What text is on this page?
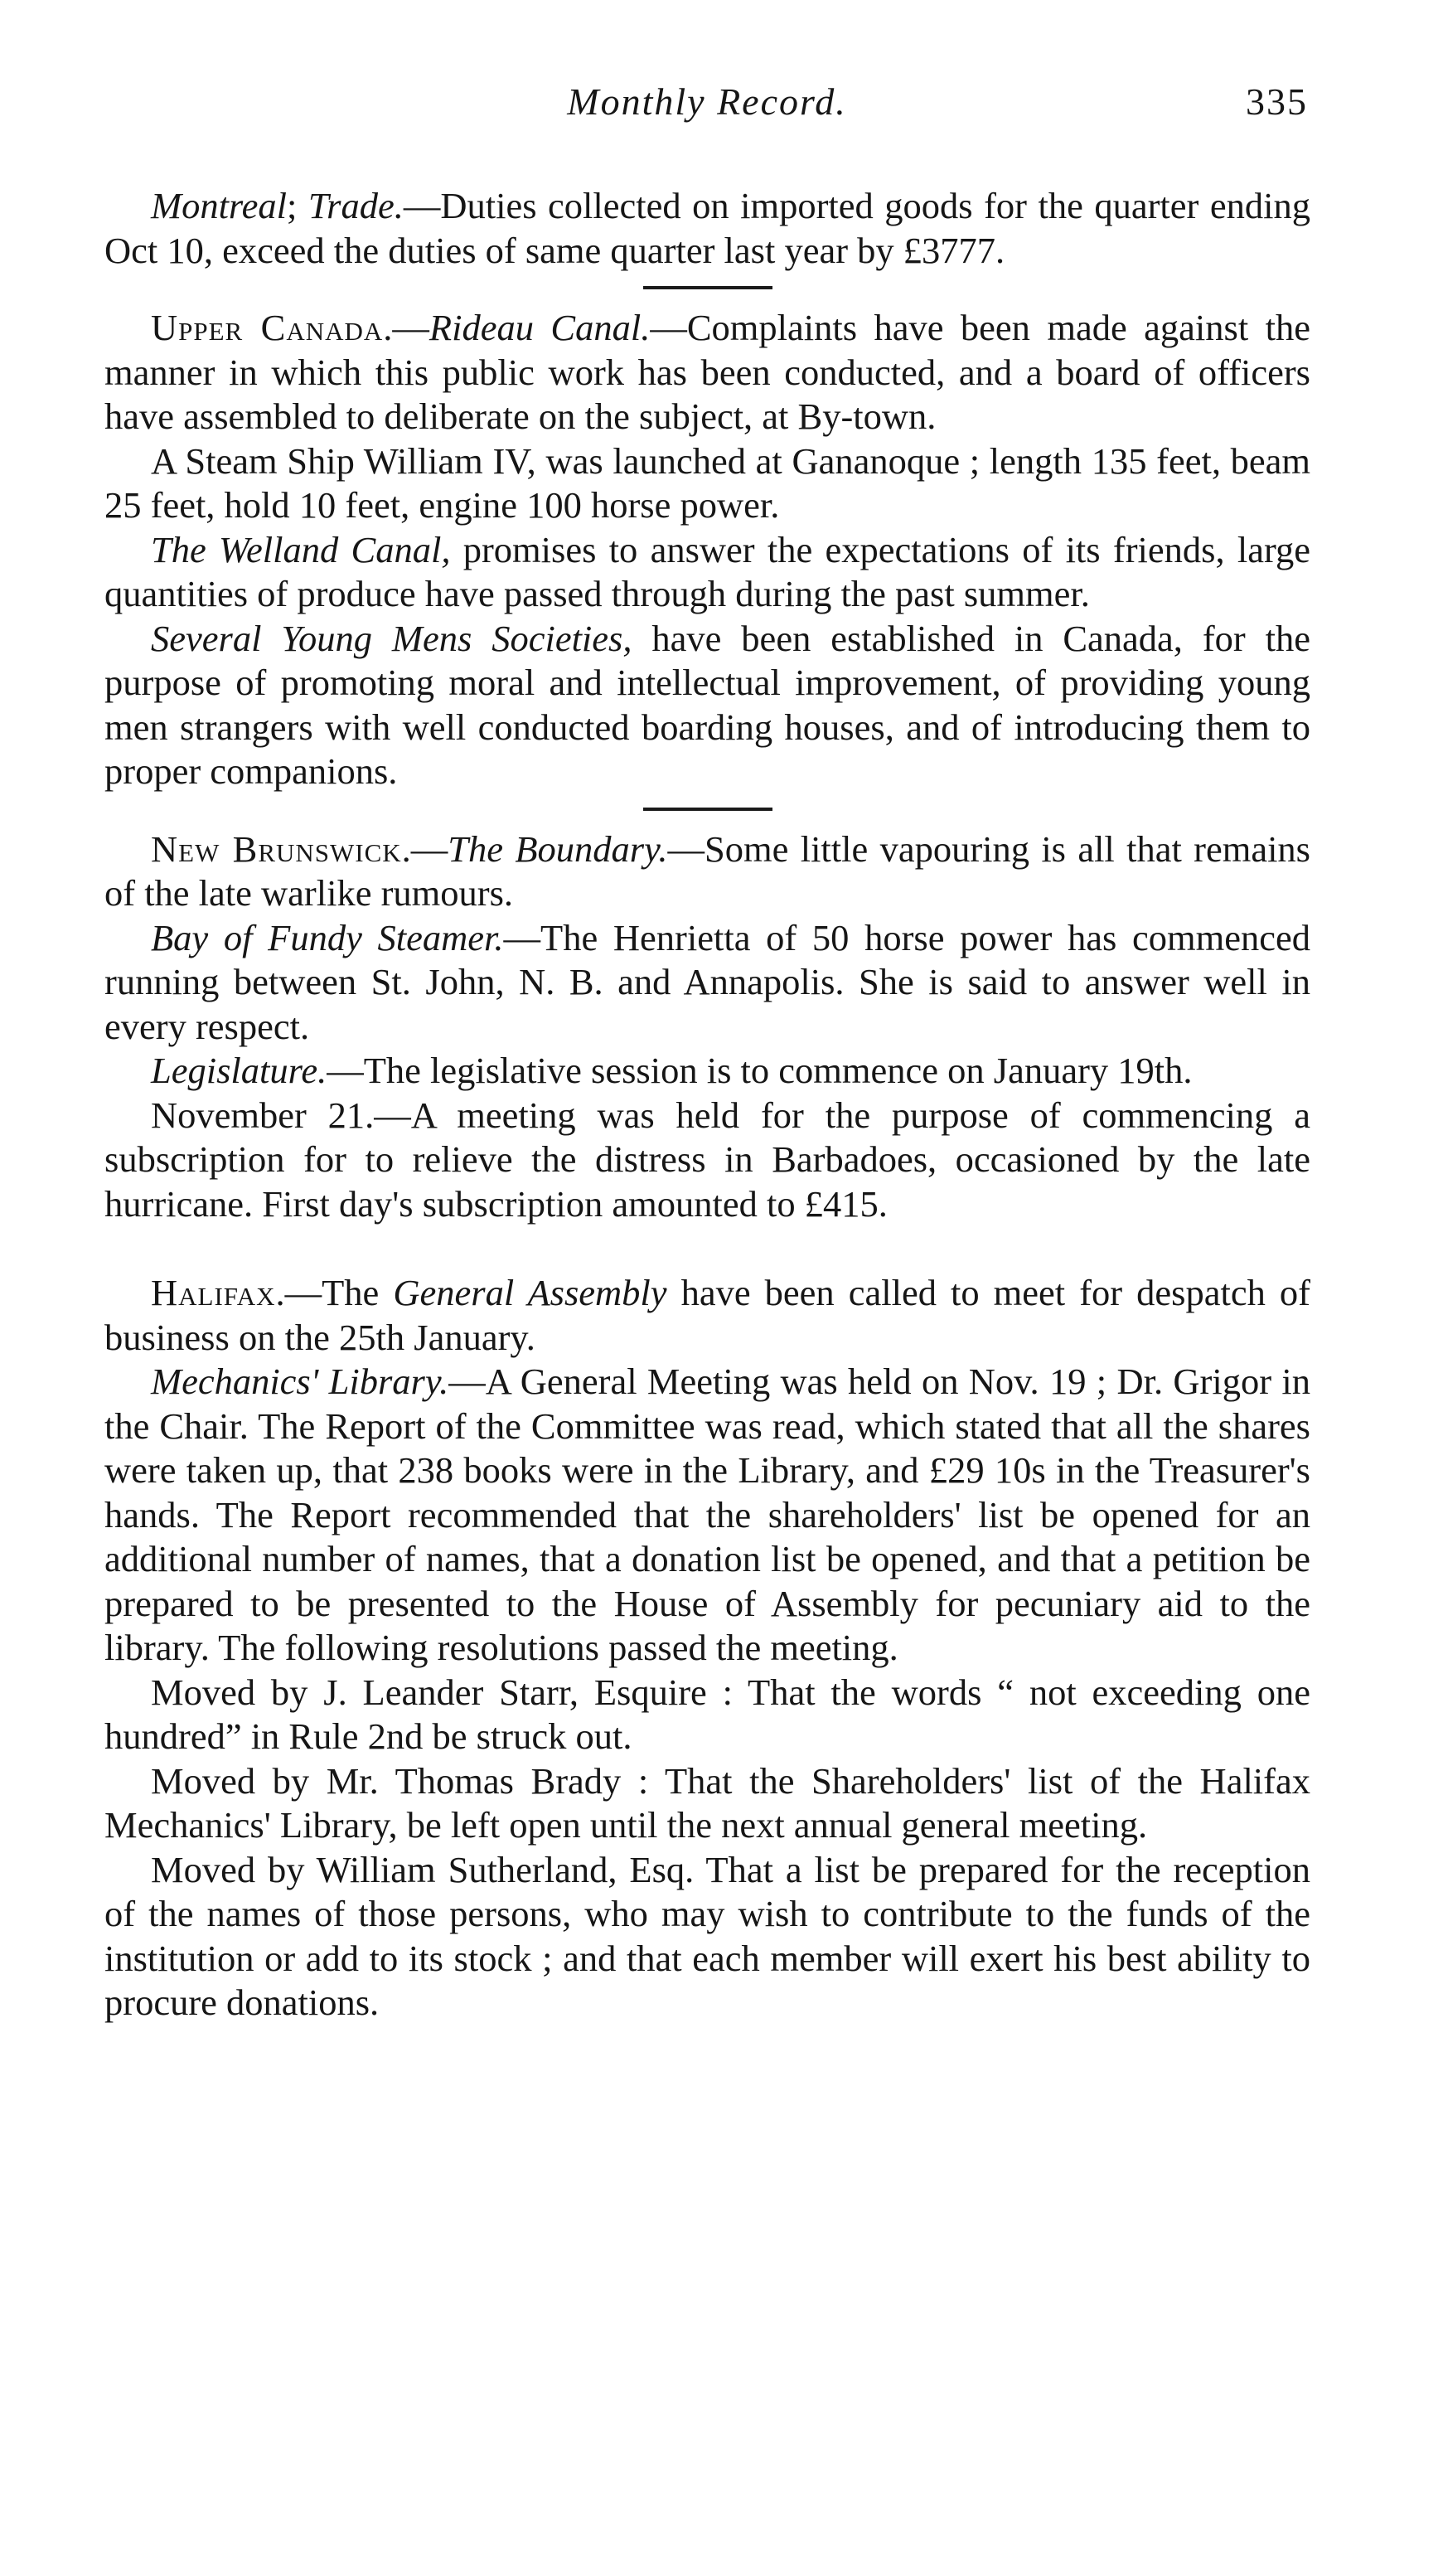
Monthly Record.	335

Montreal; Trade.—Duties collected on imported goods for the quarter ending Oct 10, exceed the duties of same quarter last year by £3777.

Upper Canada.—Rideau Canal.—Complaints have been made against the manner in which this public work has been conducted, and a board of officers have assembled to deliberate on the subject, at By-town.

A Steam Ship William IV, was launched at Gananoque ; length 135 feet, beam 25 feet, hold 10 feet, engine 100 horse power.

The Welland Canal, promises to answer the expectations of its friends, large quantities of produce have passed through during the past summer.

Several Young Mens Societies, have been established in Canada, for the purpose of promoting moral and intellectual improvement, of providing young men strangers with well conducted boarding houses, and of introducing them to proper companions.

New Brunswick.—The Boundary.—Some little vapouring is all that remains of the late warlike rumours.

Bay of Fundy Steamer.—The Henrietta of 50 horse power has commenced running between St. John, N. B. and Annapolis. She is said to answer well in every respect.

Legislature.—The legislative session is to commence on January 19th.

November 21.—A meeting was held for the purpose of commencing a subscription for to relieve the distress in Barbadoes, occasioned by the late hurricane. First day's subscription amounted to £415.

Halifax.—The General Assembly have been called to meet for despatch of business on the 25th January.

Mechanics' Library.—A General Meeting was held on Nov. 19 ; Dr. Grigor in the Chair. The Report of the Committee was read, which stated that all the shares were taken up, that 238 books were in the Library, and £29 10s in the Treasurer's hands. The Report recommended that the shareholders' list be opened for an additional number of names, that a donation list be opened, and that a petition be prepared to be presented to the House of Assembly for pecuniary aid to the library. The following resolutions passed the meeting.

Moved by J. Leander Starr, Esquire : That the words “ not exceeding one hundred” in Rule 2nd be struck out.

Moved by Mr. Thomas Brady : That the Shareholders' list of the Halifax Mechanics' Library, be left open until the next annual general meeting.

Moved by William Sutherland, Esq. That a list be prepared for the reception of the names of those persons, who may wish to contribute to the funds of the institution or add to its stock ; and that each member will exert his best ability to procure donations.
